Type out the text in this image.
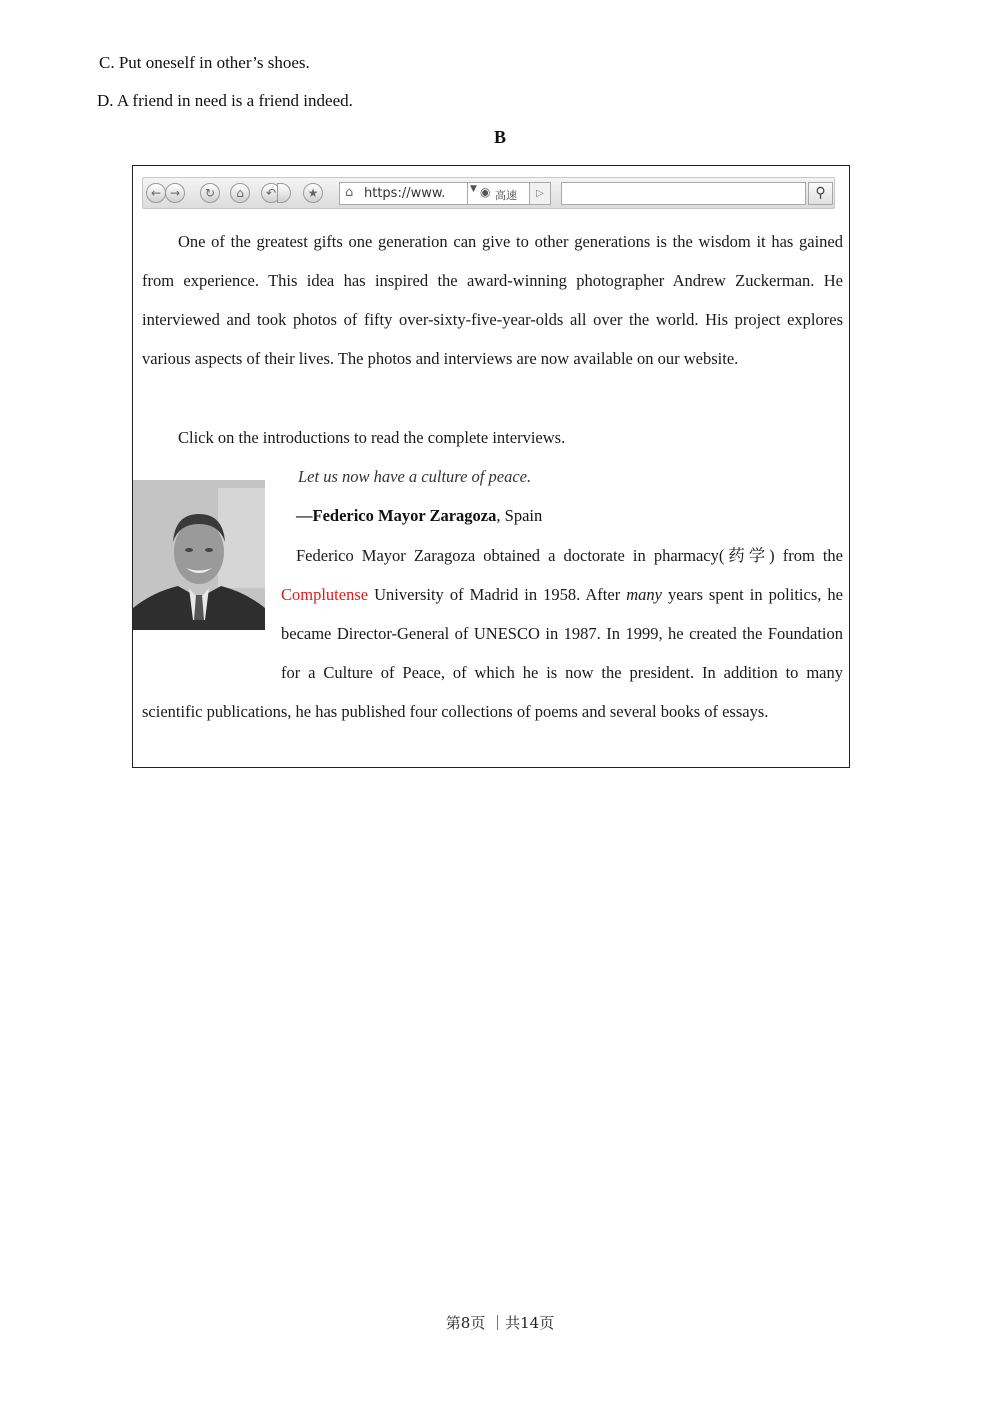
C. Put oneself in other’s shoes.
D. A friend in need is a friend indeed.
B
← →	↻	⌂	↶	★	⌂ https://www.	▼ ◉ 高速	▷	⚲
One of the greatest gifts one generation can give to other generations is the wisdom it has gained from experience. This idea has inspired the award-winning photographer Andrew Zuckerman. He interviewed and took photos of fifty over-sixty-five-year-olds all over the world. His project explores various aspects of their lives. The photos and interviews are now available on our website.
Click on the introductions to read the complete interviews.
Let us now have a culture of peace.
—Federico Mayor Zaragoza, Spain
Federico Mayor Zaragoza obtained a doctorate in pharmacy(药学) from the Complutense University of Madrid in 1958. After many years spent in politics, he became Director-General of UNESCO in 1987. In 1999, he created the Foundation for a Culture of Peace, of which he is now the president. In addition to many scientific publications, he has published four collections of poems and several books of essays.
第8页 ｜共14页
